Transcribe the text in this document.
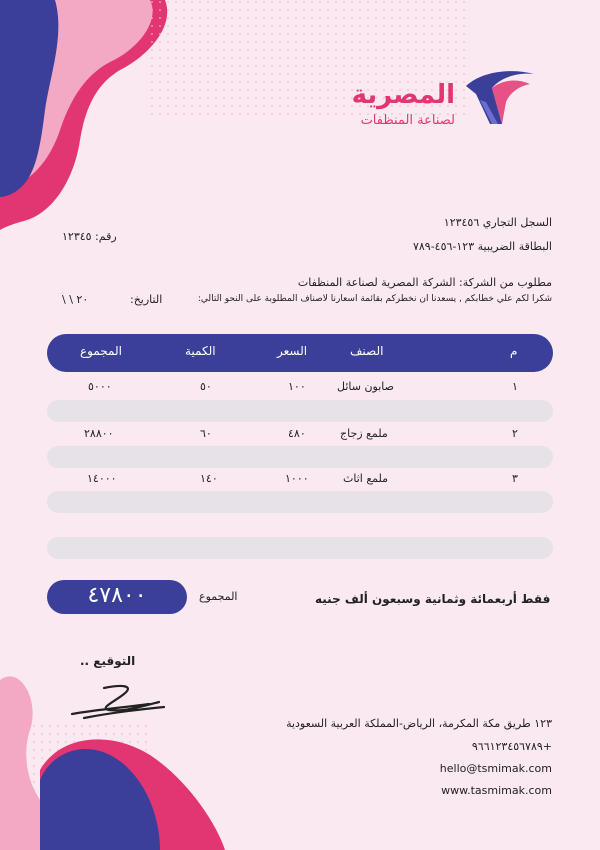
المصرية
لصناعة المنظفات
السجل التجاري ١٢٣٤٥٦
البطاقة الضريبية ١٢٣-٤٥٦-٧٨٩
رقم: ١٢٣٤٥
مطلوب من الشركة: الشركة المصرية لصناعة المنظفات
شكرا لكم علي خطابكم , يسعدنا ان نخطركم بقائمة اسعارنا لاصناف المطلوبة على النحو التالي:
التاريخ:
٢٠ \ \
م
الصنف
السعر
الكمية
المجموع
١
صابون سائل
١٠٠
٥٠
٥٠٠٠
٢
ملمع زجاج
٤٨٠
٦٠
٢٨٨٠٠
٣
ملمع اثاث
١٠٠٠
١٤٠
١٤٠٠٠
٤٧٨٠٠	المجموع	فقط أربعمائة وثمانية وسبعون ألف جنيه
التوقيع ..
١٢٣ طريق مكة المكرمة، الرياض-المملكة العربية السعودية
+٩٦٦١٢٣٤٥٦٧٨٩
hello@tsmimak.com
www.tasmimak.com
